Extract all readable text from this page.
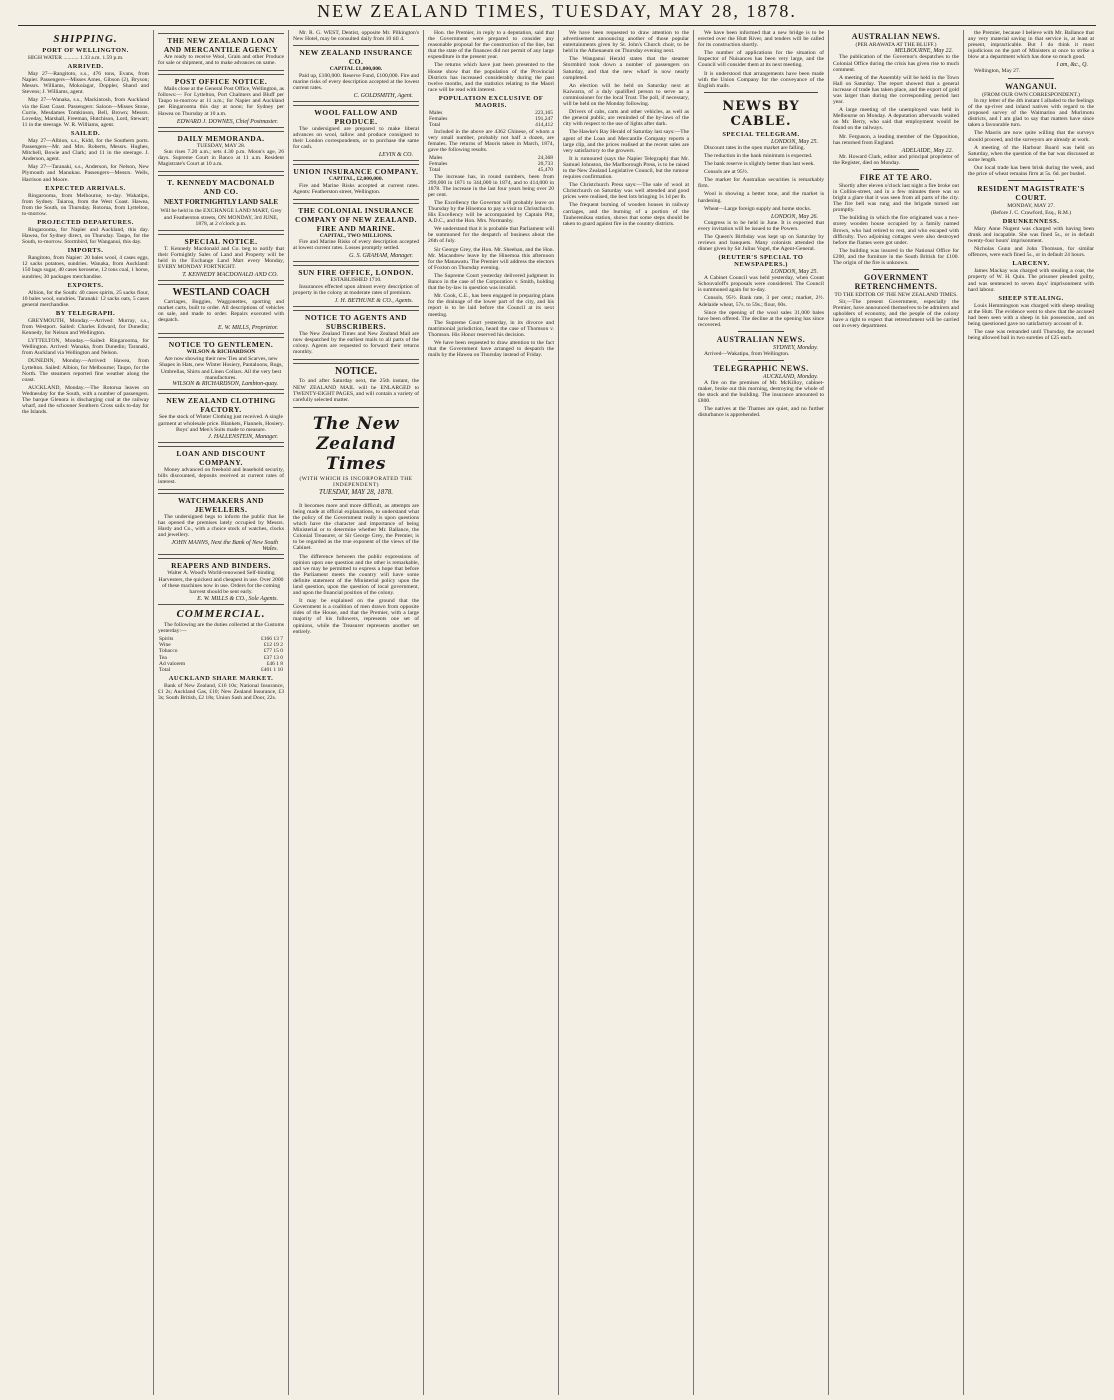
NEW ZEALAND TIMES, TUESDAY, MAY 28, 1878.
SHIPPING.
PORT OF WELLINGTON.
HIGH WATER ........... 1.33 a.m. 1.59 p.m.
ARRIVED.
May 27—Rangitoto, s.s., 476 tons, Evans, from Napier. Passengers—Misses Ames, Gibson (2), Bryson; Messrs. Williams, Mokoiagar, Doppler, Shand and Stevens; J. Williams, agent.
May 27—Wanaka, s.s., Mackintosh, from Auckland via the East Coast. Passengers: Saloon—Misses Stone, Currie, Mesdames Tomkinson, Bell, Brown; Messrs. Loveday, Marshall, Freeman, Hutchison, Lord, Stewart; 11 in the steerage. W. R. Williams, agent.
SAILED.
May 27—Albion, s.s., Kidd, for the Southern ports. Passengers—Mr. and Mrs. Roberts, Messrs. Hughes, Mitchell, Bowie and Clark; and 11 in the steerage. J. Anderson, agent.
May 27—Taranaki, s.s., Anderson, for Nelson, New Plymouth and Manukau. Passengers—Messrs. Wells, Harrison and Moore.
EXPECTED ARRIVALS.
Ringarooma, from Melbourne, to-day. Wakatipu, from Sydney. Taiaroa, from the West Coast. Hawea, from the South, on Thursday. Rotorua, from Lyttelton, to-morrow.
PROJECTED DEPARTURES.
Ringarooma, for Napier and Auckland, this day. Hawea, for Sydney direct, on Thursday. Taupo, for the South, to-morrow. Stormbird, for Wanganui, this day.
IMPORTS.
Rangitoto, from Napier: 20 bales wool, 4 cases eggs, 12 sacks potatoes, sundries. Wanaka, from Auckland: 150 bags sugar, 40 cases kerosene, 12 tons coal, 1 horse, sundries; 30 packages merchandise.
EXPORTS.
Albion, for the South: 40 cases spirits, 25 sacks flour, 10 bales wool, sundries. Taranaki: 12 sacks oats, 5 cases general merchandise.
BY TELEGRAPH.
GREYMOUTH, Monday.—Arrived: Murray, s.s., from Westport. Sailed: Charles Edward, for Dunedin; Kennedy, for Nelson and Wellington.
LYTTELTON, Monday.—Sailed: Ringarooma, for Wellington. Arrived: Wanaka, from Dunedin; Taranaki, from Auckland via Wellington and Nelson.
DUNEDIN, Monday.—Arrived: Hawea, from Lyttelton. Sailed: Albion, for Melbourne; Taupo, for the North. The steamers reported fine weather along the coast.
AUCKLAND, Monday.—The Rotorua leaves on Wednesday for the South, with a number of passengers. The barque Glenora is discharging coal at the railway wharf, and the schooner Southern Cross sails to-day for the Islands.
THE NEW ZEALAND LOAN AND MERCANTILE AGENCY
Are ready to receive Wool, Grain and other Produce for sale or shipment, and to make advances on same.
POST OFFICE NOTICE.
Mails close at the General Post Office, Wellington, as follows:— For Lyttelton, Port Chalmers and Bluff per Taupo to-morrow at 11 a.m.; for Napier and Auckland per Ringarooma this day at noon; for Sydney per Hawea on Thursday at 10 a.m.
EDWARD J. DOWNES, Chief Postmaster.
DAILY MEMORANDA.
TUESDAY, MAY 28.
Sun rises 7.20 a.m.; sets 4.30 p.m. Moon's age, 26 days. Supreme Court in Banco at 11 a.m. Resident Magistrate's Court at 10 a.m.
T. KENNEDY MACDONALD AND CO.
NEXT FORTNIGHTLY LAND SALE
Will be held in the EXCHANGE LAND MART, Grey and Featherston streets, ON MONDAY, 3rd JUNE, 1878, at 2 o'clock p.m.
SPECIAL NOTICE.
T. Kennedy Macdonald and Co. beg to notify that their Fortnightly Sales of Land and Property will be held in the Exchange Land Mart every Monday, EVERY MONDAY FORTNIGHT.
T. KENNEDY MACDONALD AND CO.
WESTLAND COACH
Carriages, Buggies, Waggonettes, sporting and market carts, built to order. All descriptions of vehicles on sale, and made to order. Repairs executed with despatch.
E. W. MILLS, Proprietor.
NOTICE TO GENTLEMEN.
WILSON & RICHARDSON
Are now showing their new Ties and Scarves, new Shapes in Hats, new Winter Hosiery, Pantaloons, Rugs, Umbrellas, Shirts and Linen Collars. All the very best manufactures.
WILSON & RICHARDSON, Lambton-quay.
NEW ZEALAND CLOTHING FACTORY.
See the stock of Winter Clothing just received. A single garment at wholesale price. Blankets, Flannels, Hosiery. Boys' and Men's Suits made to measure.
J. HALLENSTEIN, Manager.
LOAN AND DISCOUNT COMPANY.
Money advanced on freehold and leasehold security, bills discounted, deposits received at current rates of interest.
WATCHMAKERS AND JEWELLERS.
The undersigned begs to inform the public that he has opened the premises lately occupied by Messrs. Hardy and Co., with a choice stock of watches, clocks and jewellery.
JOHN MANNS, Next the Bank of New South Wales.
REAPERS AND BINDERS.
Walter A. Wood's World-renowned Self-binding Harvesters, the quickest and cheapest in use. Over 2000 of these machines now in use. Orders for the coming harvest should be sent early.
E. W. MILLS & CO., Sole Agents.
COMMERCIAL.
The following are the duties collected at the Customs yesterday:—
Spirits	£166 13 7
Wine	£12 19 2
Tobacco	£77 15 0
Tea	£37 13 0
Ad valorem	£46 1 8
Total	£401 1 10
AUCKLAND SHARE MARKET.
Bank of New Zealand, £16 10s; National Insurance, £1 2s; Auckland Gas, £10; New Zealand Insurance, £3 3s; South British, £2 18s; Union Sash and Door, 22s.
Mr. R. G. WEST, Dentist, opposite Mr. Pilkington's New Hotel, may be consulted daily from 10 till 4.
NEW ZEALAND INSURANCE CO.
CAPITAL £1,000,000.
Paid up, £100,000. Reserve Fund, £100,000. Fire and marine risks of every description accepted at the lowest current rates.
C. GOLDSMITH, Agent.
WOOL FALLOW AND PRODUCE.
The undersigned are prepared to make liberal advances on wool, tallow and produce consigned to their London correspondents, or to purchase the same for cash.
LEVIN & CO.
UNION INSURANCE COMPANY.
CAPITAL, £2,000,000.
Fire and Marine Risks accepted at current rates. Agents: Featherston street, Wellington.
THE COLONIAL INSURANCE COMPANY OF NEW ZEALAND. FIRE AND MARINE.
CAPITAL, TWO MILLIONS.
Fire and Marine Risks of every description accepted at lowest current rates. Losses promptly settled.
G. S. GRAHAM, Manager.
SUN FIRE OFFICE, LONDON.
ESTABLISHED 1710.
Insurances effected upon almost every description of property in the colony at moderate rates of premium.
J. H. BETHUNE & CO., Agents.
NOTICE TO AGENTS AND SUBSCRIBERS.
The New Zealand Times and New Zealand Mail are now despatched by the earliest mails to all parts of the colony. Agents are requested to forward their returns monthly.
NOTICE.
To and after Saturday next, the 25th instant, the NEW ZEALAND MAIL will be ENLARGED to TWENTY-EIGHT PAGES, and will contain a variety of carefully selected matter.
The New Zealand Times
(WITH WHICH IS INCORPORATED THE INDEPENDENT)
TUESDAY, MAY 28, 1878.
It becomes more and more difficult, as attempts are being made at official explanations, to understand what the policy of the Government really is upon questions which have the character and importance of being Ministerial or to determine whether Mr. Ballance, the Colonial Treasurer, or Sir George Grey, the Premier, is to be regarded as the true exponent of the views of the Cabinet.
The difference between the public expressions of opinion upon one question and the other is remarkable, and we may be permitted to express a hope that before the Parliament meets the country will have some definite statement of the Ministerial policy upon the land question, upon the question of local government, and upon the financial position of the colony.
It may be explained on the ground that the Government is a coalition of men drawn from opposite sides of the House, and that the Premier, with a large majority of his followers, represents one set of opinions, while the Treasurer represents another set entirely.
Hon. the Premier, in reply to a deputation, said that the Government were prepared to consider any reasonable proposal for the construction of the line, but that the state of the finances did not permit of any large expenditure in the present year.
The returns which have just been presented to the House show that the population of the Provincial Districts has increased considerably during the past twelve months, and the statistics relating to the Maori race will be read with interest.
POPULATION EXCLUSIVE OF MAORIS.
Males	223,165
Females	191,247
Total	414,412
Included in the above are 4362 Chinese, of whom a very small number, probably not half a dozen, are females. The returns of Maoris taken in March, 1874, gave the following results.
Males	24,368
Females	20,733
Total	45,470
The increase has, in round numbers, been from 299,000 in 1871 to 344,000 in 1874, and to 414,000 in 1878. The increase in the last four years being over 20 per cent.
The Excellency the Governor will probably leave on Thursday by the Hinemoa to pay a visit to Christchurch. His Excellency will be accompanied by Captain Pitt, A.D.C., and the Hon. Mrs. Normanby.
We understand that it is probable that Parliament will be summoned for the despatch of business about the 26th of July.
Sir George Grey, the Hon. Mr. Sheehan, and the Hon. Mr. Macandrew leave by the Hinemoa this afternoon for the Manawatu. The Premier will address the electors of Foxton on Thursday evening.
The Supreme Court yesterday delivered judgment in Banco in the case of the Corporation v. Smith, holding that the by-law in question was invalid.
Mr. Cook, C.E., has been engaged in preparing plans for the drainage of the lower part of the city, and his report is to be laid before the Council at its next meeting.
The Supreme Court yesterday, in its divorce and matrimonial jurisdiction, heard the case of Thomson v. Thomson. His Honor reserved his decision.
We have been requested to draw attention to the fact that the Government have arranged to despatch the mails by the Hawea on Thursday instead of Friday.
We have been requested to draw attention to the advertisement announcing another of those popular entertainments given by St. John's Church choir, to be held in the Athenaeum on Thursday evening next.
The Wanganui Herald states that the steamer Stormbird took down a number of passengers on Saturday, and that the new wharf is now nearly completed.
An election will be held on Saturday next at Kaiwarra, of a duly qualified person to serve as a commissioner for the local Trust. The poll, if necessary, will be held on the Monday following.
Drivers of cabs, carts and other vehicles, as well as the general public, are reminded of the by-laws of the city with respect to the use of lights after dark.
The Hawke's Bay Herald of Saturday last says:—The agent of the Loan and Mercantile Company reports a large clip, and the prices realised at the recent sales are very satisfactory to the growers.
It is rumoured (says the Napier Telegraph) that Mr. Samuel Johnston, the Marlborough Press, is to be raised to the New Zealand Legislative Council, but the rumour requires confirmation.
The Christchurch Press says:—The sale of wool at Christchurch on Saturday was well attended and good prices were realised, the best lots bringing 1s 1d per lb.
The frequent burning of wooden houses in railway carriages, and the burning of a portion of the Tauherenikau station, shows that some steps should be taken to guard against fire in the country districts.
We have been informed that a new bridge is to be erected over the Hutt River, and tenders will be called for its construction shortly.
The number of applications for the situation of Inspector of Nuisances has been very large, and the Council will consider them at its next meeting.
It is understood that arrangements have been made with the Union Company for the conveyance of the English mails.
NEWS BY CABLE.
SPECIAL TELEGRAM.
LONDON, May 25.
Discount rates in the open market are falling.
The reduction in the bank minimum is expected.
The bank reserve is slightly better than last week.
Consols are at 95½.
The market for Australian securities is remarkably firm.
Wool is showing a better tone, and the market is hardening.
Wheat—Large foreign supply and home stocks.
LONDON, May 26.
Congress is to be held in June. It is expected that every invitation will be issued to the Powers.
The Queen's Birthday was kept up on Saturday by reviews and banquets. Many colonists attended the dinner given by Sir Julius Vogel, the Agent-General.
(REUTER'S SPECIAL TO NEWSPAPERS.)
LONDON, May 25.
A Cabinet Council was held yesterday, when Count Schouvaloff's proposals were considered. The Council is summoned again for to-day.
Consols, 95½. Bank rate, 3 per cent.; market, 2½. Adelaide wheat, 57s. to 59s.; flour, 60s.
Since the opening of the wool sales 31,000 bales have been offered. The decline at the opening has since recovered.
AUSTRALIAN NEWS.
SYDNEY, Monday.
Arrived—Wakatipu, from Wellington.
TELEGRAPHIC NEWS.
AUCKLAND, Monday.
A fire on the premises of Mr. McKilloy, cabinet-maker, broke out this morning, destroying the whole of the stock and the building. The insurance amounted to £800.
The natives at the Thames are quiet, and no further disturbance is apprehended.
AUSTRALIAN NEWS.
(PER ARAWATA AT THE BLUFF.)
MELBOURNE, May 22.
The publication of the Governor's despatches to the Colonial Office during the crisis has given rise to much comment.
A meeting of the Assembly will be held in the Town Hall on Saturday. The report showed that a general increase of trade has taken place, and the export of gold was larger than during the corresponding period last year.
A large meeting of the unemployed was held in Melbourne on Monday. A deputation afterwards waited on Mr. Berry, who said that employment would be found on the railways.
Mr. Ferguson, a leading member of the Opposition, has returned from England.
ADELAIDE, May 22.
Mr. Howard Clark, editor and principal proprietor of the Register, died on Monday.
FIRE AT TE ARO.
Shortly after eleven o'clock last night a fire broke out in Collins-street, and in a few minutes there was so bright a glare that it was seen from all parts of the city. The fire bell was rung and the brigade turned out promptly.
The building in which the fire originated was a two-storey wooden house occupied by a family named Brown, who had retired to rest, and who escaped with difficulty. Two adjoining cottages were also destroyed before the flames were got under.
The building was insured in the National Office for £200, and the furniture in the South British for £100. The origin of the fire is unknown.
GOVERNMENT RETRENCHMENTS.
TO THE EDITOR OF THE NEW ZEALAND TIMES.
Sir,—The present Government, especially the Premier, have announced themselves to be admirers and upholders of economy, and the people of the colony have a right to expect that retrenchment will be carried out in every department.
the Premier, because I believe with Mr. Ballance that any very material saving in that service is, at least at present, impracticable. But I do think it most injudicious on the part of Ministers at once to strike a blow at a department which has done so much good.
I am, &c., Q.
Wellington, May 27.
WANGANUI.
(FROM OUR OWN CORRESPONDENT.)
In my letter of the 4th instant I alluded to the feelings of the up-river and inland natives with regard to the proposed survey of the Waimarino and Murimotu districts, and I am glad to say that matters have since taken a favourable turn.
The Maoris are now quite willing that the surveys should proceed, and the surveyors are already at work.
A meeting of the Harbour Board was held on Saturday, when the question of the bar was discussed at some length.
Our local trade has been brisk during the week, and the price of wheat remains firm at 5s. 6d. per bushel.
RESIDENT MAGISTRATE'S COURT.
MONDAY, MAY 27.
(Before J. C. Crawford, Esq., R.M.)
DRUNKENNESS.
Mary Anne Nugent was charged with having been drunk and incapable. She was fined 5s., or in default twenty-four hours' imprisonment.
Nicholas Gunn and John Thomson, for similar offences, were each fined 5s., or in default 24 hours.
LARCENY.
James Mackay was charged with stealing a coat, the property of W. H. Quin. The prisoner pleaded guilty, and was sentenced to seven days' imprisonment with hard labour.
SHEEP STEALING.
Louis Hemmingson was charged with sheep stealing at the Hutt. The evidence went to show that the accused had been seen with a sheep in his possession, and on being questioned gave no satisfactory account of it.
The case was remanded until Thursday, the accused being allowed bail in two sureties of £25 each.
